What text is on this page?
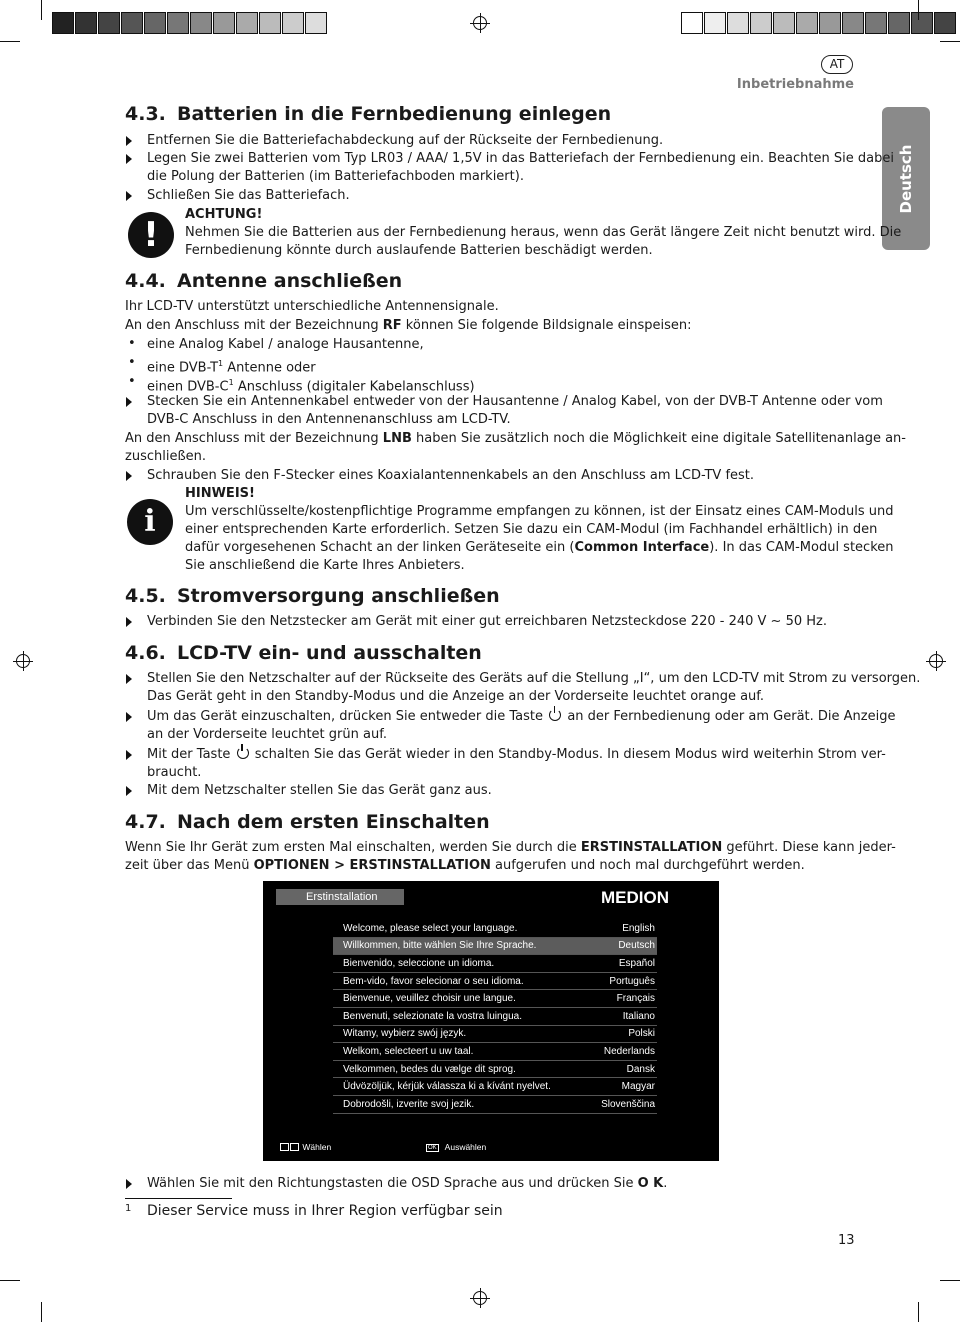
AT
Inbetriebnahme
Deutsch
4.3. Batterien in die Fernbedienung einlegen
Entfernen Sie die Batteriefachabdeckung auf der Rückseite der Fernbedienung.
Legen Sie zwei Batterien vom Typ LR03 / AAA/ 1,5V in das Batteriefach der Fernbedienung ein. Beachten Sie dabei
die Polung der Batterien (im Batteriefachboden markiert).
Schließen Sie das Batteriefach.
!
ACHTUNG!
Nehmen Sie die Batterien aus der Fernbedienung heraus, wenn das Gerät längere Zeit nicht benutzt wird. Die
Fernbedienung könnte durch auslaufende Batterien beschädigt werden.
4.4. Antenne anschließen
Ihr LCD-TV unterstützt unterschiedliche Antennensignale.
An den Anschluss mit der Bezeichnung RF können Sie folgende Bildsignale einspeisen:
• eine Analog Kabel / analoge Hausantenne,
• eine DVB-$T^1$ Antenne oder
• einen DVB-$C^1$ Anschluss (digitaler Kabelanschluss)
Stecken Sie ein Antennenkabel entweder von der Hausantenne / Analog Kabel, von der DVB-T Antenne oder vom
DVB-C Anschluss in den Antennenanschluss am LCD-TV.
An den Anschluss mit der Bezeichnung LNB haben Sie zusätzlich noch die Möglichkeit eine digitale Satellitenanlage an-
zuschließen.
Schrauben Sie den F-Stecker eines Koaxialantennenkabels an den Anschluss am LCD-TV fest.
i
HINWEIS!
Um verschlüsselte/kostenpflichtige Programme empfangen zu können, ist der Einsatz eines CAM-Moduls und
einer entsprechenden Karte erforderlich. Setzen Sie dazu ein CAM-Modul (im Fachhandel erhältlich) in den
dafür vorgesehenen Schacht an der linken Geräteseite ein (Common Interface). In das CAM-Modul stecken
Sie anschließend die Karte Ihres Anbieters.
4.5. Stromversorgung anschließen
Verbinden Sie den Netzstecker am Gerät mit einer gut erreichbaren Netzsteckdose 220 - 240 V ~ 50 Hz.
4.6. LCD-TV ein- und ausschalten
Stellen Sie den Netzschalter auf der Rückseite des Geräts auf die Stellung „I“, um den LCD-TV mit Strom zu versorgen.
Das Gerät geht in den Standby-Modus und die Anzeige an der Vorderseite leuchtet orange auf.
Um das Gerät einzuschalten, drücken Sie entweder die Taste an der Fernbedienung oder am Gerät. Die Anzeige
an der Vorderseite leuchtet grün auf.
Mit der Taste schalten Sie das Gerät wieder in den Standby-Modus. In diesem Modus wird weiterhin Strom ver-
braucht.
Mit dem Netzschalter stellen Sie das Gerät ganz aus.
4.7. Nach dem ersten Einschalten
Wenn Sie Ihr Gerät zum ersten Mal einschalten, werden Sie durch die ERSTINSTALLATION geführt. Diese kann jeder-
zeit über das Menü OPTIONEN > ERSTINSTALLATION aufgerufen und noch mal durchgeführt werden.
Erstinstallation	MEDION
Welcome, please select your language.	English
Willkommen, bitte wählen Sie Ihre Sprache.	Deutsch
Bienvenido, seleccione un idioma.	Español
Bem-vido, favor selecionar o seu idioma.	Português
Bienvenue, veuillez choisir une langue.	Français
Benvenuti, selezionate la vostra luingua.	Italiano
Witamy, wybierz swój język.	Polski
Welkom, selecteert u uw taal.	Nederlands
Velkommen, bedes du vælge dit sprog.	Dansk
Üdvözöljük, kérjük válassza ki a kívánt nyelvet.	Magyar
Dobrodošli, izverite svoj jezik.	Slovenščina
Wählen	OK Auswählen
Wählen Sie mit den Richtungstasten die OSD Sprache aus und drücken Sie O K.
1 Dieser Service muss in Ihrer Region verfügbar sein
13
